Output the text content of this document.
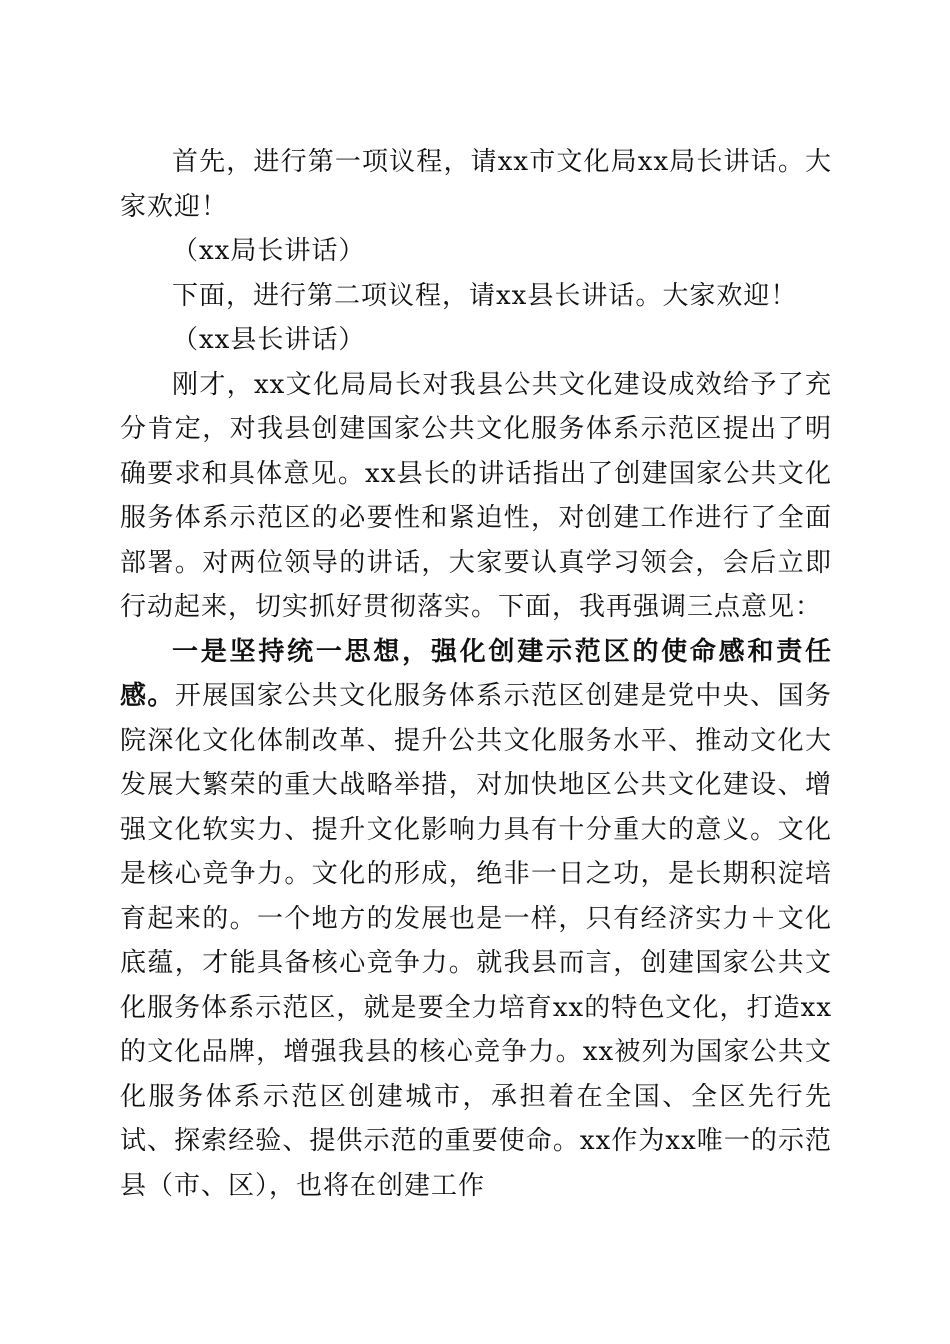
首先，进行第一项议程，请xx市文化局xx局长讲话。大家欢迎！

（xx局长讲话）

下面，进行第二项议程，请xx县长讲话。大家欢迎！

（xx县长讲话）

刚才，xx文化局局长对我县公共文化建设成效给予了充分肯定，对我县创建国家公共文化服务体系示范区提出了明确要求和具体意见。xx县长的讲话指出了创建国家公共文化服务体系示范区的必要性和紧迫性，对创建工作进行了全面部署。对两位领导的讲话，大家要认真学习领会，会后立即行动起来，切实抓好贯彻落实。下面，我再强调三点意见：

一是坚持统一思想，强化创建示范区的使命感和责任感。开展国家公共文化服务体系示范区创建是党中央、国务院深化文化体制改革、提升公共文化服务水平、推动文化大发展大繁荣的重大战略举措，对加快地区公共文化建设、增强文化软实力、提升文化影响力具有十分重大的意义。文化是核心竞争力。文化的形成，绝非一日之功，是长期积淀培育起来的。一个地方的发展也是一样，只有经济实力＋文化底蕴，才能具备核心竞争力。就我县而言，创建国家公共文化服务体系示范区，就是要全力培育xx的特色文化，打造xx的文化品牌，增强我县的核心竞争力。xx被列为国家公共文化服务体系示范区创建城市，承担着在全国、全区先行先试、探索经验、提供示范的重要使命。xx作为xx唯一的示范县（市、区），也将在创建工作
